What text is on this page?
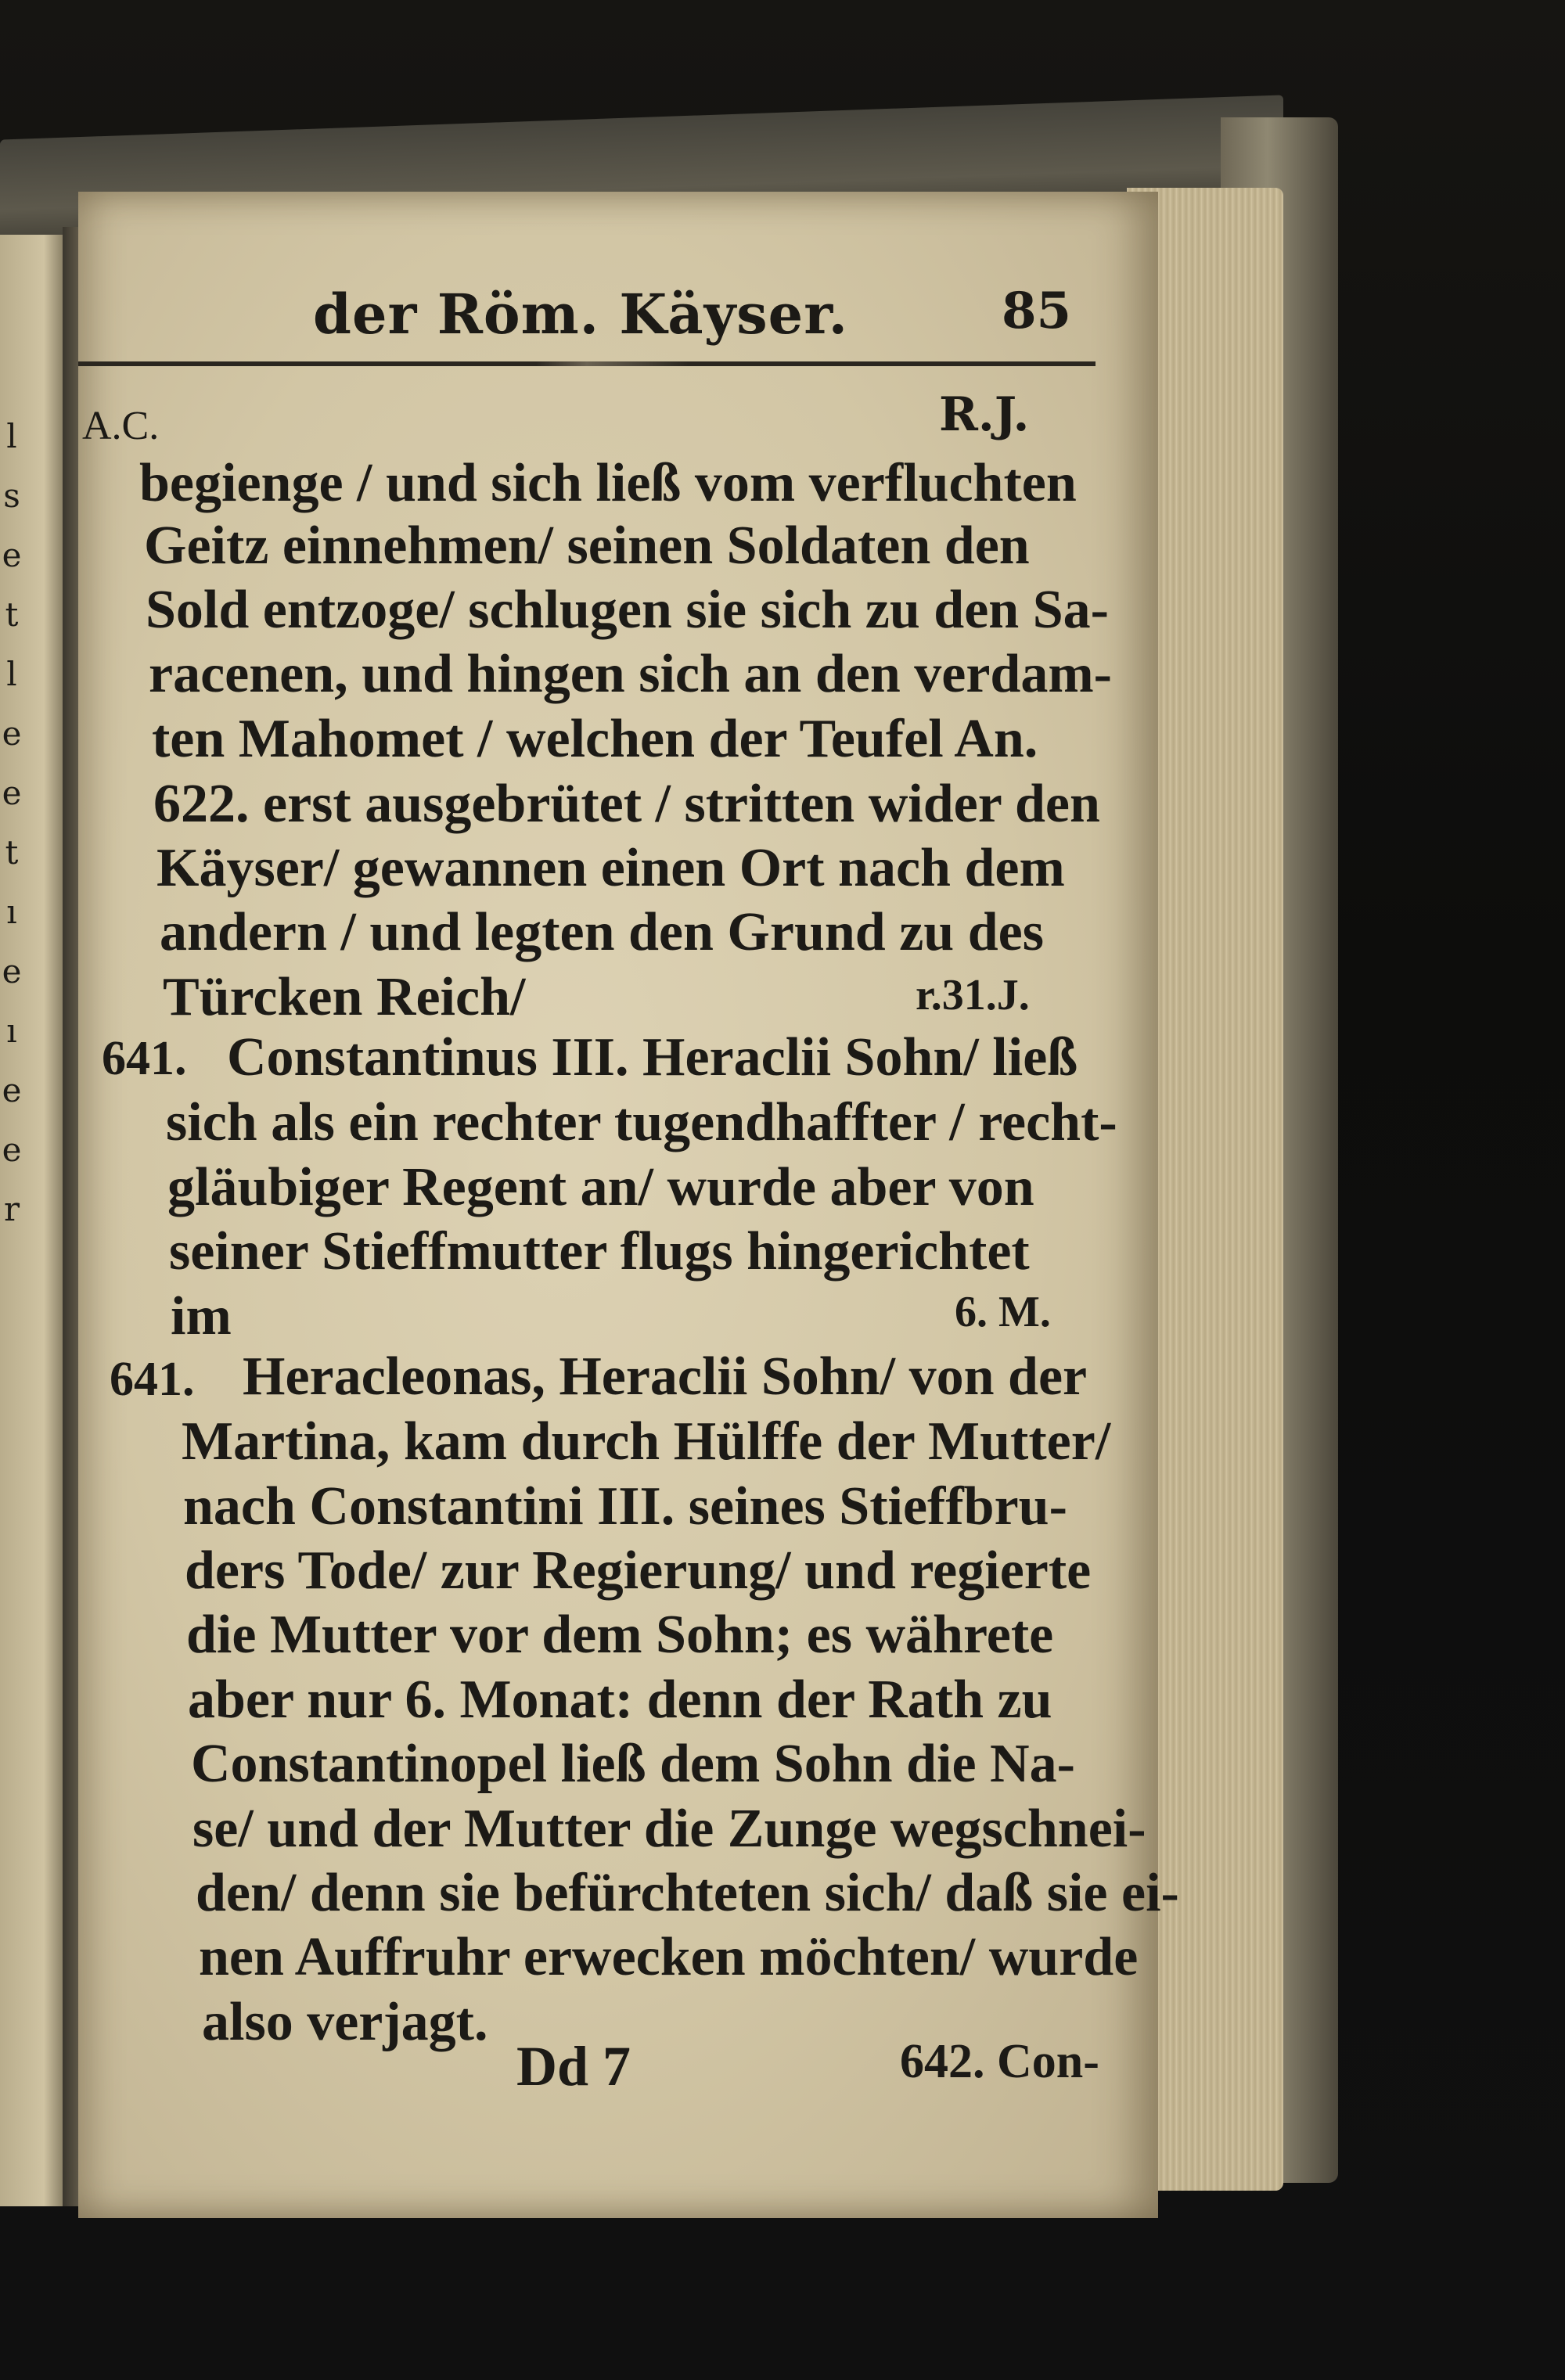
l
s
e
t
l
e
e
t
ı
e
ı
e
e
r
der Röm. Käyser.	85
A.C.	R.J.
begienge / und sich ließ vom verfluchten
Geitz einnehmen/ seinen Soldaten den
Sold entzoge/ schlugen sie sich zu den Sa-
racenen, und hingen sich an den verdam-
ten Mahomet / welchen der Teufel An.
622. erst ausgebrütet / stritten wider den
Käyser/ gewannen einen Ort nach dem
andern / und legten den Grund zu des
Türcken Reich/	r.31.J.
641. Constantinus III. Heraclii Sohn/ ließ
sich als ein rechter tugendhaffter / recht-
gläubiger Regent an/ wurde aber von
seiner Stieffmutter flugs hingerichtet
im	6. M.
641. Heracleonas, Heraclii Sohn/ von der
Martina, kam durch Hülffe der Mutter/
nach Constantini III. seines Stieffbru-
ders Tode/ zur Regierung/ und regierte
die Mutter vor dem Sohn; es währete
aber nur 6. Monat: denn der Rath zu
Constantinopel ließ dem Sohn die Na-
se/ und der Mutter die Zunge wegschnei-
den/ denn sie befürchteten sich/ daß sie ei-
nen Auffruhr erwecken möchten/ wurde
also verjagt.
Dd 7	642. Con-
